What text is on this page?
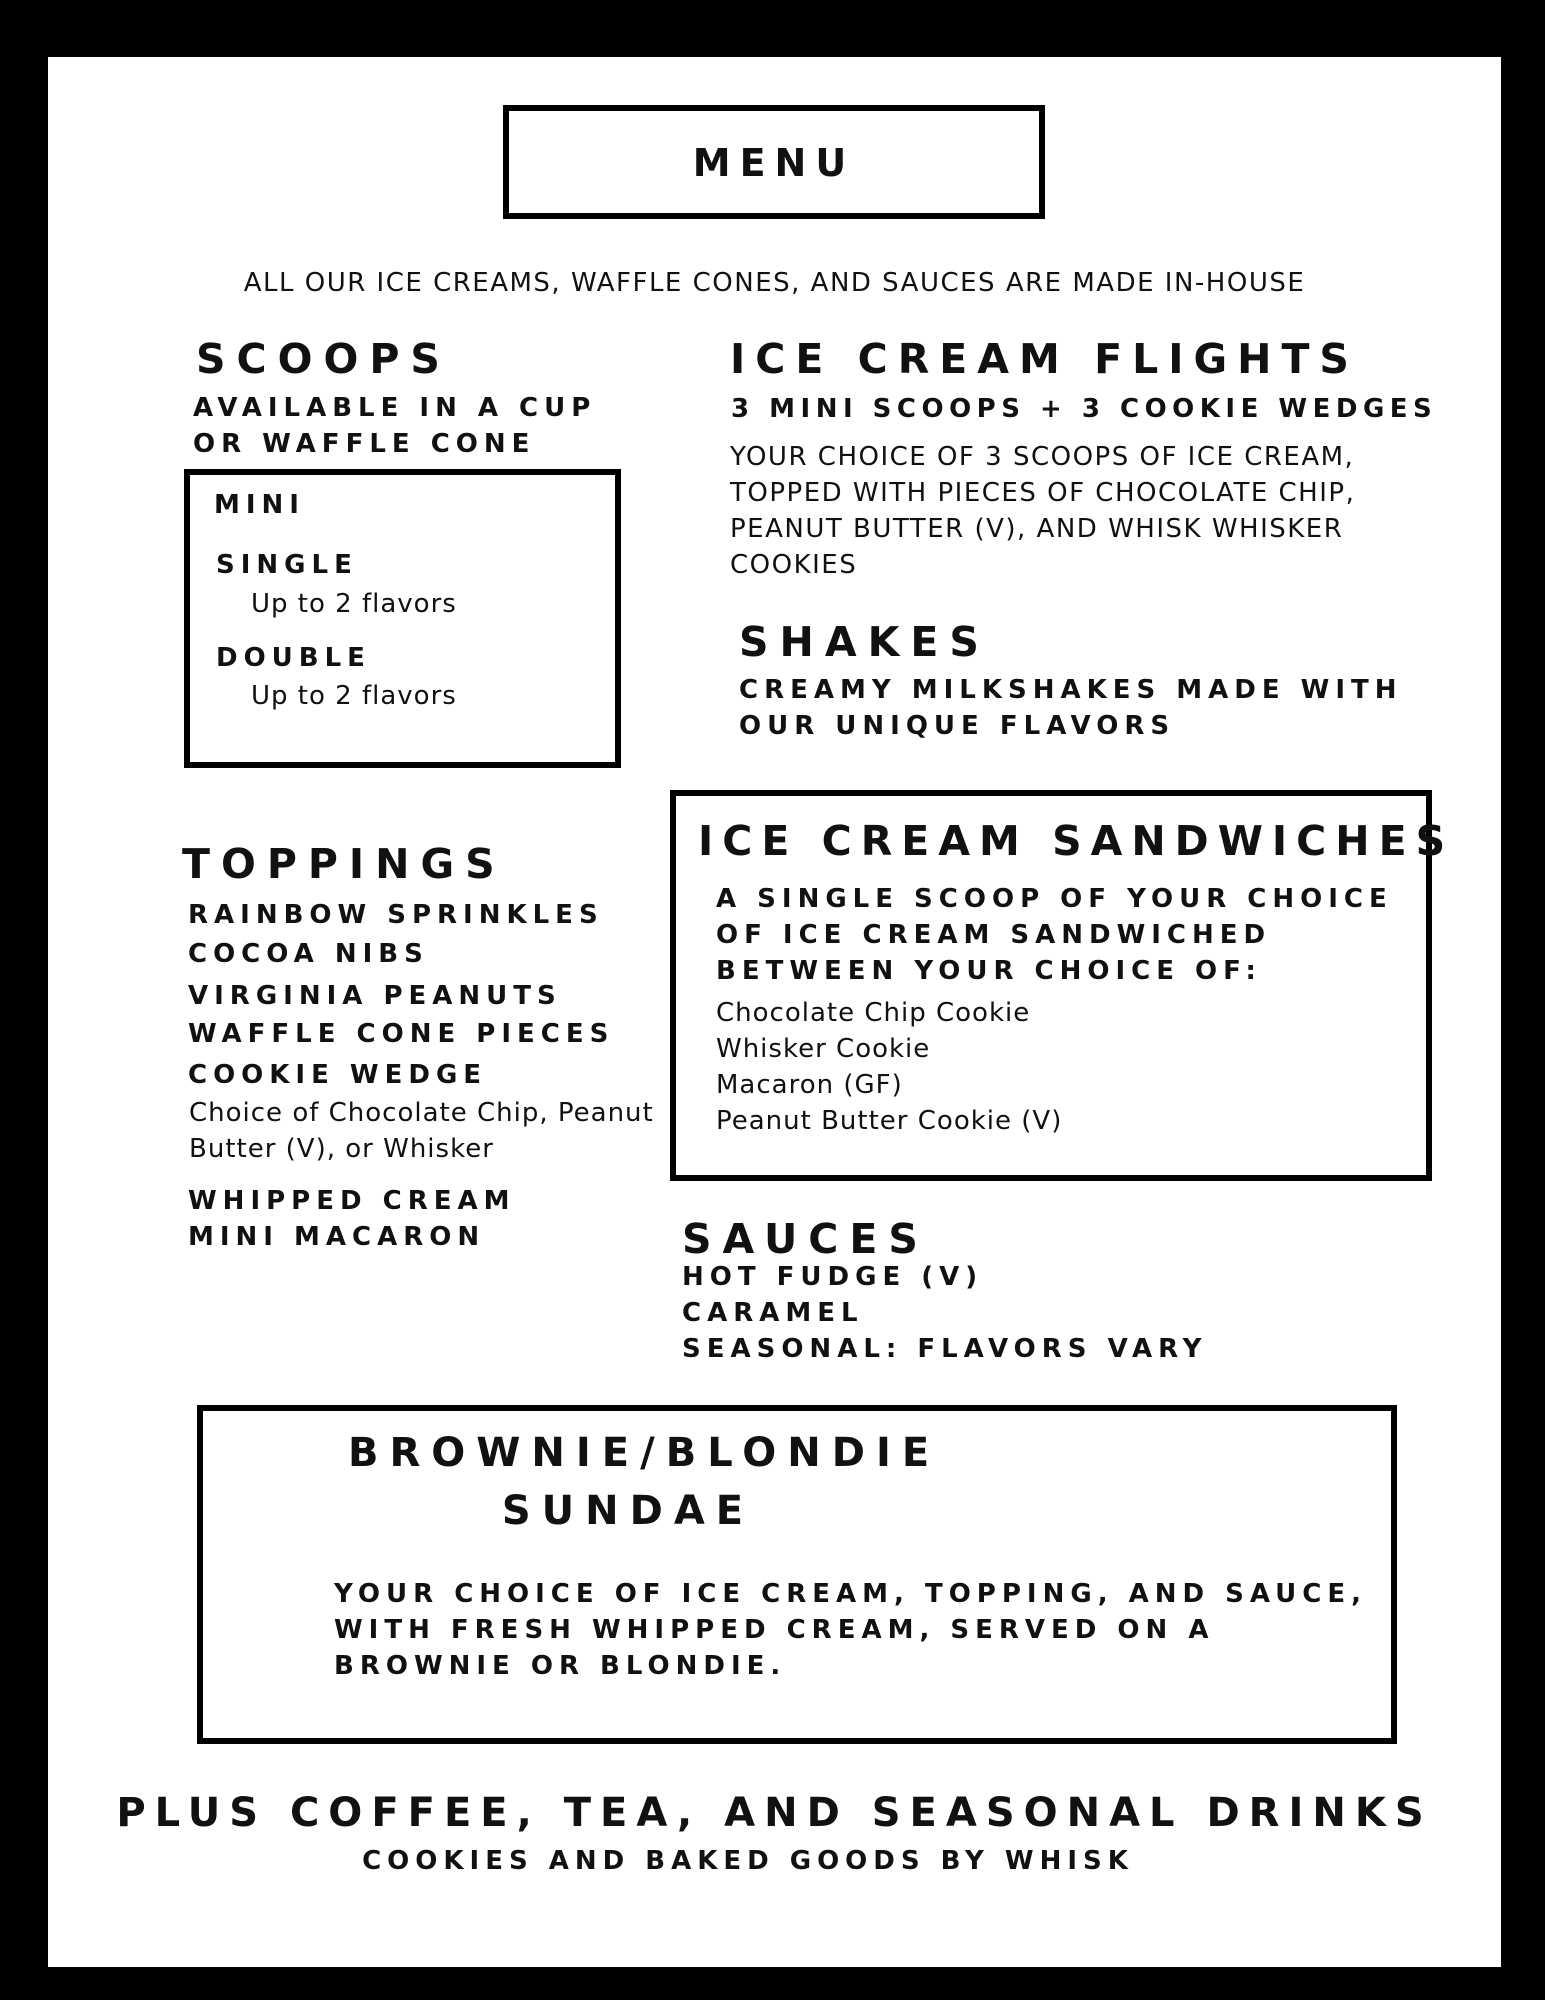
MENU
ALL OUR ICE CREAMS, WAFFLE CONES, AND SAUCES ARE MADE IN-HOUSE
SCOOPS
AVAILABLE IN A CUP
OR WAFFLE CONE
MINI
SINGLE
Up to 2 flavors
DOUBLE
Up to 2 flavors
ICE CREAM FLIGHTS
3 MINI SCOOPS + 3 COOKIE WEDGES
YOUR CHOICE OF 3 SCOOPS OF ICE CREAM,
TOPPED WITH PIECES OF CHOCOLATE CHIP,
PEANUT BUTTER (V), AND WHISK WHISKER
COOKIES
SHAKES
CREAMY MILKSHAKES MADE WITH
OUR UNIQUE FLAVORS
TOPPINGS
RAINBOW SPRINKLES
COCOA NIBS
VIRGINIA PEANUTS
WAFFLE CONE PIECES
COOKIE WEDGE
Choice of Chocolate Chip, Peanut
Butter (V), or Whisker
WHIPPED CREAM
MINI MACARON
ICE CREAM SANDWICHES
A SINGLE SCOOP OF YOUR CHOICE
OF ICE CREAM SANDWICHED
BETWEEN YOUR CHOICE OF:
Chocolate Chip Cookie
Whisker Cookie
Macaron (GF)
Peanut Butter Cookie (V)
SAUCES
HOT FUDGE (V)
CARAMEL
SEASONAL: FLAVORS VARY
BROWNIE/BLONDIE
SUNDAE
YOUR CHOICE OF ICE CREAM, TOPPING, AND SAUCE,
WITH FRESH WHIPPED CREAM, SERVED ON A
BROWNIE OR BLONDIE.
PLUS COFFEE, TEA, AND SEASONAL DRINKS
COOKIES AND BAKED GOODS BY WHISK
